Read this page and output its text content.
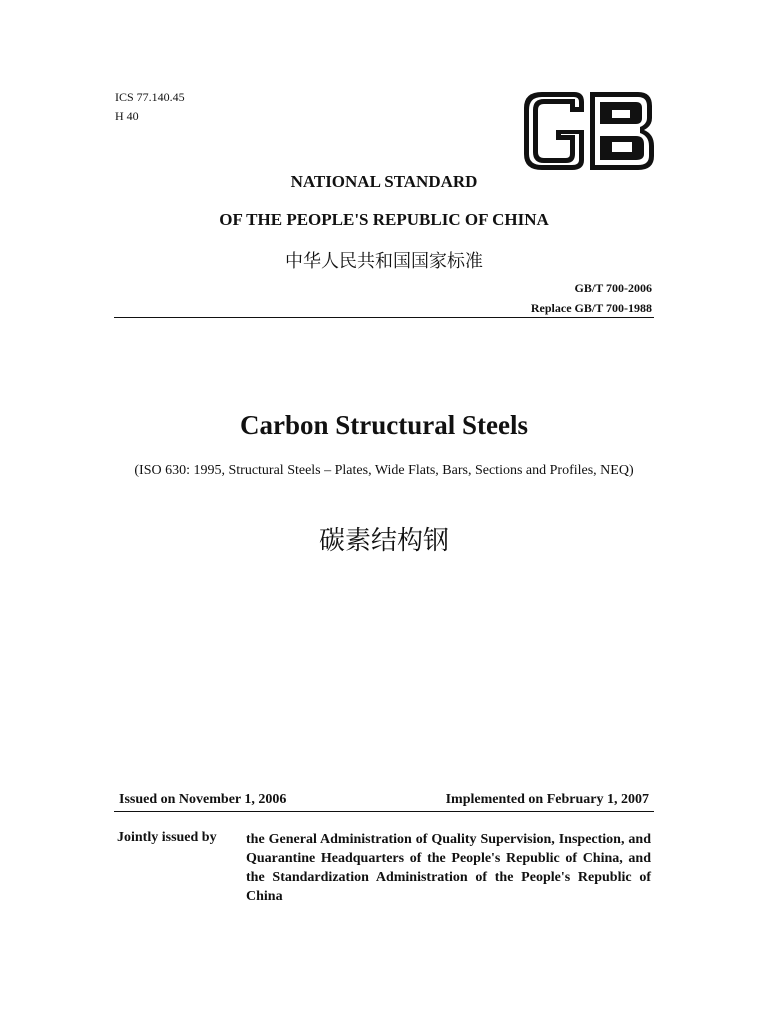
ICS 77.140.45
H 40
NATIONAL STANDARD
OF THE PEOPLE'S REPUBLIC OF CHINA
中华人民共和国国家标准
GB/T 700-2006
Replace GB/T 700-1988
Carbon Structural Steels
(ISO 630: 1995, Structural Steels – Plates, Wide Flats, Bars, Sections and Profiles, NEQ)
碳素结构钢
Issued on November 1, 2006	Implemented on February 1, 2007
Jointly issued by the General Administration of Quality Supervision, Inspection, and Quarantine Headquarters of the People's Republic of China, and the Standardization Administration of the People's Republic of China
